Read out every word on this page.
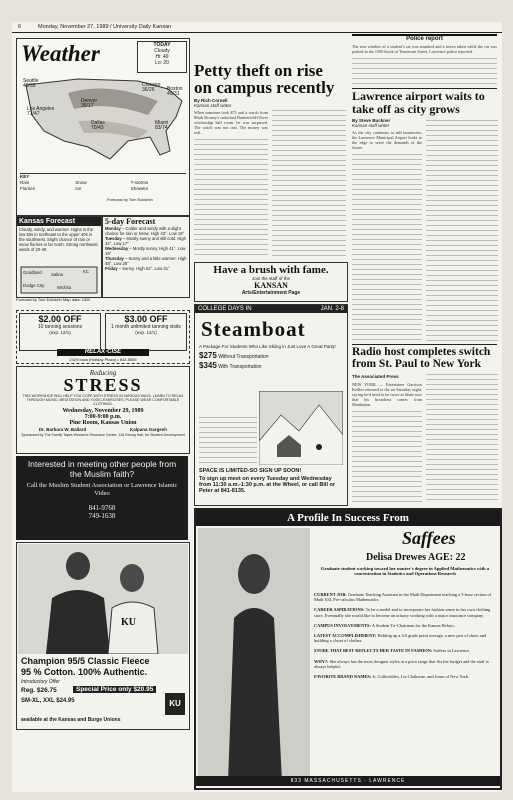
6	Monday, November 27, 1989 / University Daily Kansan
Police report
Weather	TODAY
Cloudy
Hi: 49
Lo: 20
Seattle
46/33	Chicago
36/26
Denver
35/17
Boston
40/31
Los Angeles
71/47
Dallas
70/43
Miami
83/74
KEY
Rain	Snow	T-storms
Flurries	Ice	Showers
Forecast by Tom Eckstein
Kansas Forecast
Cloudy, windy, and warmer. Highs in the low 50s in northeast to the upper 40s in the southwest. Slight chance of rain or snow flurries in far north. Strong northwest winds of 20-40.
Goodland Salina
KC
Dodge City	Wichita
5-day Forecast
Monday – Colder and windy with a slight chance for rain or snow. High 43°. Low 19°
Tuesday – Mostly sunny and still cold. High 32°. Low 17°
Wednesday – Mostly sunny. High 41°. Low 19°
Thursday – Sunny and a little warmer. High 48°. Low 28°
Friday – Sunny. High 52°. Low 31°
Forecast by Tom Eckstein Map data: UDK
Petty theft on rise on campus recently
By Rich Cornell
Kansan staff writer

When someone took $75 and a watch from Mark Droney's unlocked Burkenfeld-Oliver scholarship hall room, he was surprised. The watch was not real. The money was real.

The rear window of a student's car was smashed and a stereo taken while the car was parked in the 1500 block of Tennessee Street, Lawrence police reported.

Lawrence airport waits to take off as city grows
By Steve Buckner
Kansan staff writer

As the city continues to add businesses, the Lawrence Municipal Airport looks to the edge to serve the demands of the future.

Have a brush with fame.
Join the staff of the
KANSAN
Arts/Entertainment Page
COLLEGE DAYS IN	JAN. 2-8
Steamboat
A Package For Students Who Like Skiing in Just Love A Great Party!
$275 Without Transportation
$345 With Transportation
SPACE IS LIMITED-SO SIGN UP SOON!
To sign up meet on every Tuesday and Wednesday from 11:30 a.m.-1:30 p.m. at the Wheel, or call Bill or Peter at 841-8135.
Radio host completes switch from St. Paul to New York
The Associated Press

NEW YORK — Entertainer Garrison Keillor returned to the air Saturday night, saying he'd need to be twice as blunt now that his broadcast comes from Manhattan.

$2.00 OFF
10 tanning sessions
(exp. 12/1)
$3.00 OFF
1 month unlimited tanning visits
(exp. 12/1)
RELAX·CISE
2429 Iowa (Holiday Plaza) • 842-5555
Reducing
STRESS
THIS WORKSHOP WILL HELP YOU COPE WITH STRESS IN VARIOUS WAYS. LEARN TO RELAX THROUGH MUSIC, MEDITATION AND YOGIC EXERCISES. PLEASE WEAR COMFORTABLE CLOTHING.
Wednesday, November 29, 1989
7:00-9:00 p.m.
Pine Room, Kansas Union
Dr. Barbara W. Ballard	Kalpana Gargesh
Sponsored by The Family Tapes Women's Resource Center, 118 Strong Hall, for Student Development
Interested in meeting other people from the Muslim faith?
Call the Muslim Student Association or Lawrence Islamic Video
841-9768
749-1638
KU
Champion 95/5 Classic Fleece
95 % Cotton. 100% Authentic.
Introductory Offer
Reg. $26.75	Special Price only $20.95
SM-XL, XXL $24.95
available at the Kansas and Burge Unions
KU
A Profile In Success From
Saffees
Delisa Drewes AGE: 22
Graduate student working toward her master's degree in Applied Mathematics with a concentration in Statistics and Operations Research

CURRENT JOB: Graduate Teaching Assistant in the Math Department teaching a 5-hour section of Math 104, Pre-calculus Mathematics

CAREER ASPIRATIONS: To be a model and to incorporate her fashion sense in her own clothing store. Eventually she would like to become an actuary working with a major insurance company.

CAMPUS INVOLVEMENTS: A Student Tri-Chairman for the Kansas Relays.

LATEST ACCOMPLISHMENT: Holding up a 4.0 grade point average, a new pair of shoes and building a closet of clothes.

STORE THAT BEST REFLECTS HER TASTE IN FASHION: Saffees in Lawrence.

WHY?: She always has the most designer styles at a price range that fits her budget and the staff is always helpful.

FAVORITE BRAND NAMES: Jr. Collectibles, Liz Claiborne, and Jones of New York.

833 MASSACHUSETTS · LAWRENCE
